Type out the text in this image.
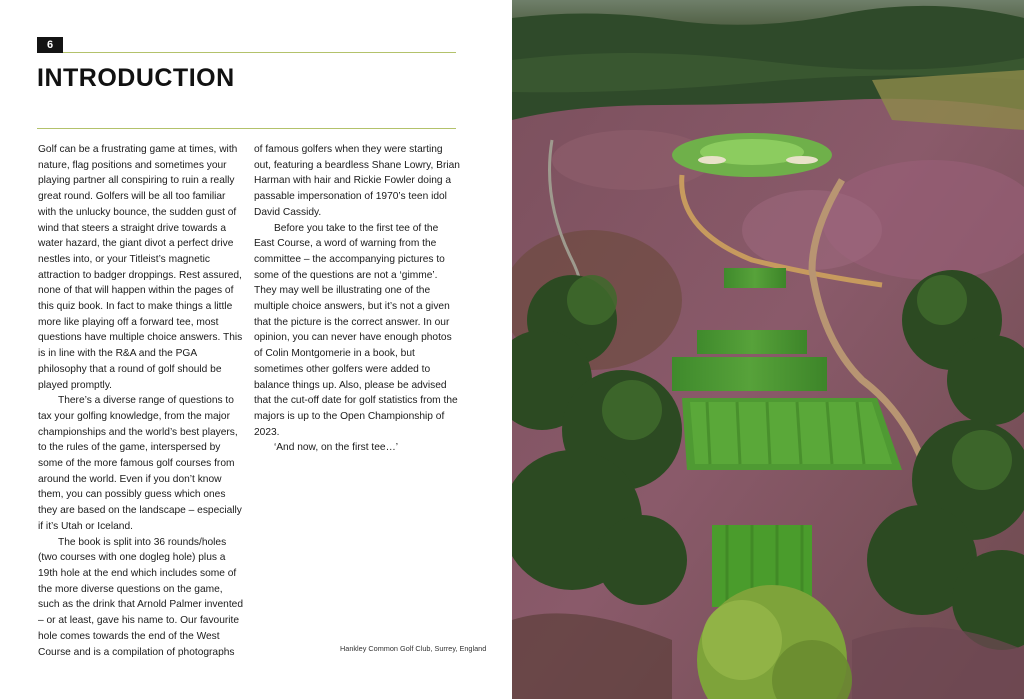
6
INTRODUCTION

Golf can be a frustrating game at times, with nature, flag positions and sometimes your playing partner all conspiring to ruin a really great round. Golfers will be all too familiar with the unlucky bounce, the sudden gust of wind that steers a straight drive towards a water hazard, the giant divot a perfect drive nestles into, or your Titleist’s magnetic attraction to badger droppings. Rest assured, none of that will happen within the pages of this quiz book. In fact to make things a little more like playing off a forward tee, most questions have multiple choice answers. This is in line with the R&A and the PGA philosophy that a round of golf should be played promptly.

There’s a diverse range of questions to tax your golfing knowledge, from the major championships and the world’s best players, to the rules of the game, interspersed by some of the more famous golf courses from around the world. Even if you don’t know them, you can possibly guess which ones they are based on the landscape – especially if it’s Utah or Iceland.

The book is split into 36 rounds/holes (two courses with one dogleg hole) plus a 19th hole at the end which includes some of the more diverse questions on the game, such as the drink that Arnold Palmer invented – or at least, gave his name to. Our favourite hole comes towards the end of the West Course and is a compilation of photographs

of famous golfers when they were starting out, featuring a beardless Shane Lowry, Brian Harman with hair and Rickie Fowler doing a passable impersonation of 1970’s teen idol David Cassidy.

Before you take to the first tee of the East Course, a word of warning from the committee – the accompanying pictures to some of the questions are not a ‘gimme’. They may well be illustrating one of the multiple choice answers, but it’s not a given that the picture is the correct answer. In our opinion, you can never have enough photos of Colin Montgomerie in a book, but sometimes other golfers were added to balance things up. Also, please be advised that the cut-off date for golf statistics from the majors is up to the Open Championship of 2023.

‘And now, on the first tee…’

Hankley Common Golf Club, Surrey, England
